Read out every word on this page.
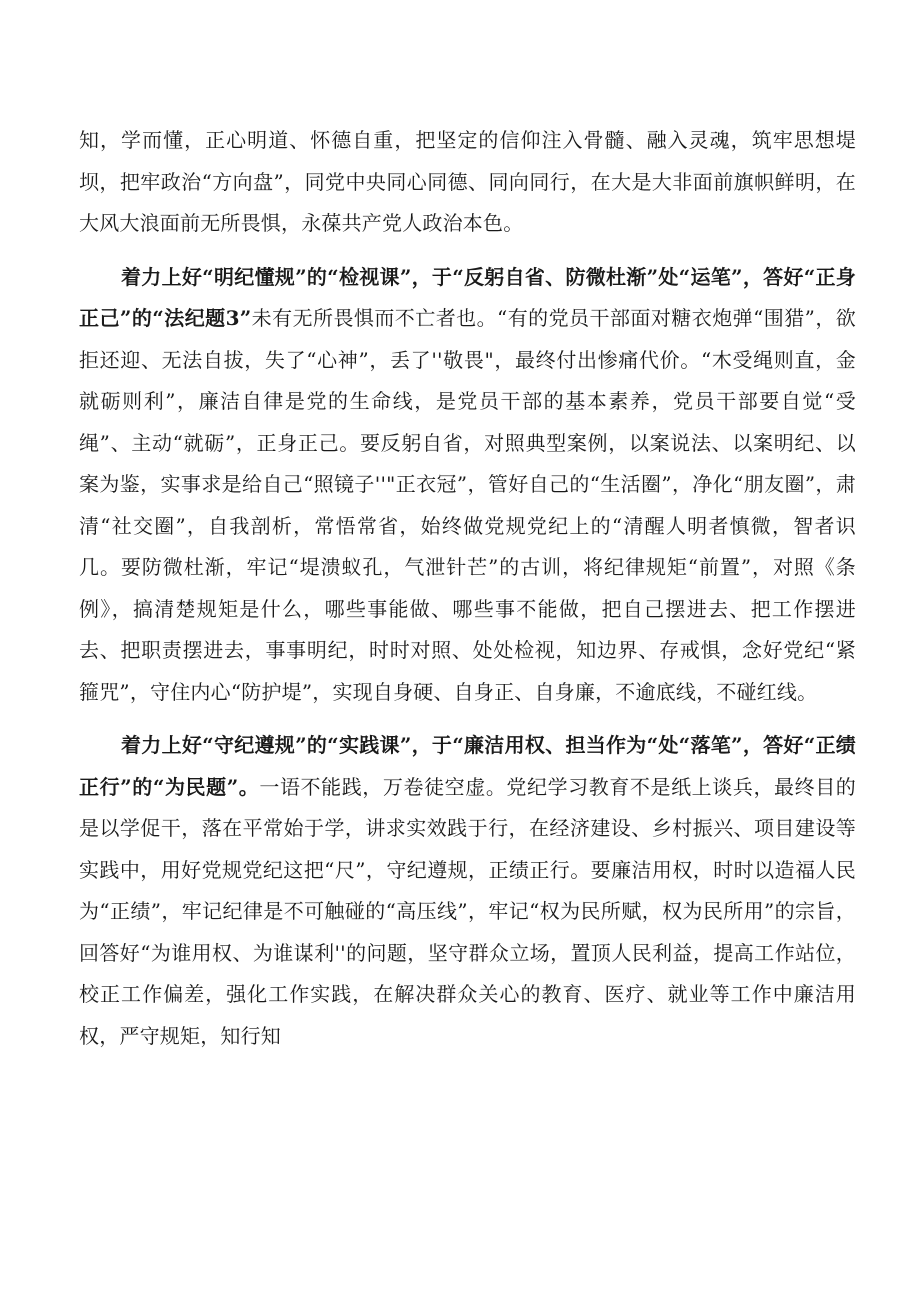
知，学而懂，正心明道、怀德自重，把坚定的信仰注入骨髓、融入灵魂，筑牢思想堤坝，把牢政治“方向盘”，同党中央同心同德、同向同行，在大是大非面前旗帜鲜明，在大风大浪面前无所畏惧，永葆共产党人政治本色。

着力上好“明纪懂规”的“检视课”，于“反躬自省、防微杜渐”处“运笔”，答好“正身正己”的“法纪题3”未有无所畏惧而不亡者也。“有的党员干部面对糖衣炮弹“围猎”，欲拒还迎、无法自拔，失了“心神”，丢了''敬畏"，最终付出惨痛代价。“木受绳则直，金就砺则利”，廉洁自律是党的生命线，是党员干部的基本素养，党员干部要自觉“受绳”、主动“就砺”，正身正己。要反躬自省，对照典型案例，以案说法、以案明纪、以案为鉴，实事求是给自己“照镜子''"正衣冠”，管好自己的“生活圈”，净化“朋友圈”，肃清“社交圈”，自我剖析，常悟常省，始终做党规党纪上的“清醒人明者慎微，智者识几。要防微杜渐，牢记“堤溃蚁孔，气泄针芒”的古训，将纪律规矩“前置”，对照《条例》，搞清楚规矩是什么，哪些事能做、哪些事不能做，把自己摆进去、把工作摆进去、把职责摆进去，事事明纪，时时对照、处处检视，知边界、存戒惧，念好党纪“紧箍咒”，守住内心“防护堤”，实现自身硬、自身正、自身廉，不逾底线，不碰红线。

着力上好“守纪遵规”的“实践课”，于“廉洁用权、担当作为“处“落笔”，答好“正绩正行”的“为民题”。一语不能践，万卷徒空虚。党纪学习教育不是纸上谈兵，最终目的是以学促干，落在平常始于学，讲求实效践于行，在经济建设、乡村振兴、项目建设等实践中，用好党规党纪这把“尺”，守纪遵规，正绩正行。要廉洁用权，时时以造福人民为“正绩”，牢记纪律是不可触碰的“高压线”，牢记“权为民所赋，权为民所用”的宗旨，回答好“为谁用权、为谁谋利''的问题，坚守群众立场，置顶人民利益，提高工作站位，校正工作偏差，强化工作实践，在解决群众关心的教育、医疗、就业等工作中廉洁用权，严守规矩，知行知
